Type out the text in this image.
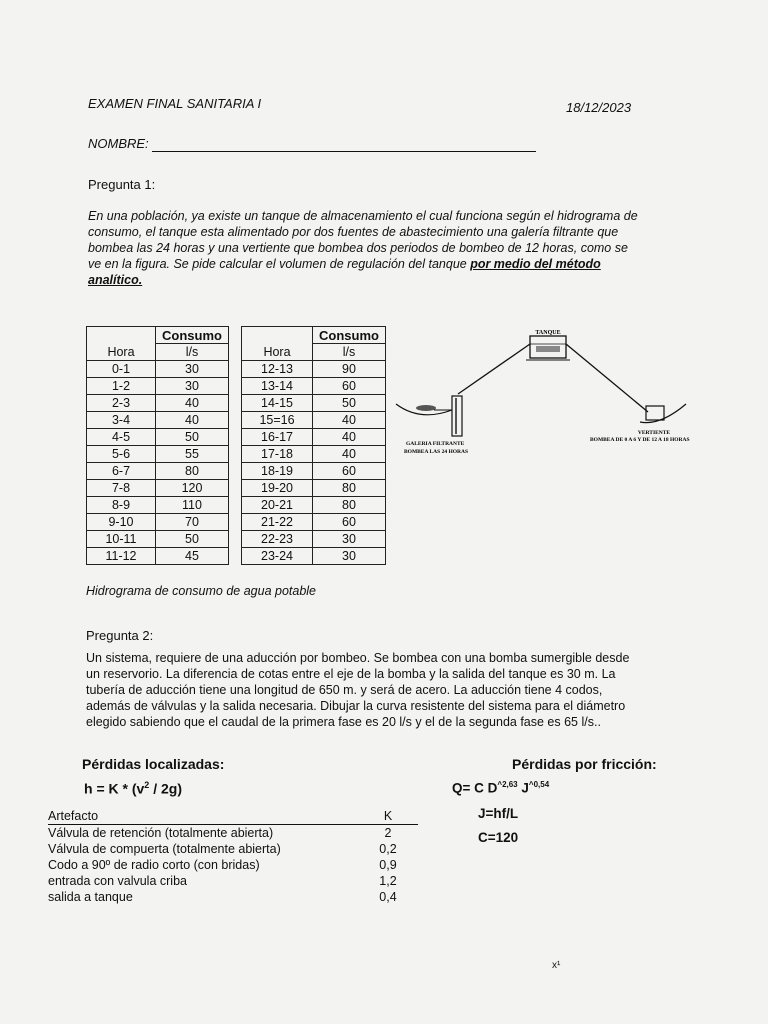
EXAMEN FINAL SANITARIA I	18/12/2023
NOMBRE:
Pregunta 1:
En una población, ya existe un tanque de almacenamiento el cual funciona según el hidrograma de
consumo, el tanque esta alimentado por dos fuentes de abastecimiento una galería filtrante que
bombea las 24 horas y una vertiente que bombea dos periodos de bombeo de 12 horas, como se
ve en la figura. Se pide calcular el volumen de regulación del tanque por medio del método
analítico.
	Consumo			Consumo
Hora	l/s		Hora	l/s
0-1	30		12-13	90
1-2	30		13-14	60
2-3	40		14-15	50
3-4	40		15=16	40
4-5	50		16-17	40
5-6	55		17-18	40
6-7	80		18-19	60
7-8	120		19-20	80
8-9	110		20-21	80
9-10	70		21-22	60
10-11	50		22-23	30
11-12	45		23-24	30
Hidrograma de consumo de agua potable
TANQUE
GALERIA FILTRANTE
BOMBEA LAS 24 HORAS
VERTIENTE
BOMBEA DE 0 A 6 Y DE 12 A 18 HORAS
Pregunta 2:
Un sistema, requiere de una aducción por bombeo. Se bombea con una bomba sumergible desde
un reservorio. La diferencia de cotas entre el eje de la bomba y la salida del tanque es 30 m. La
tubería de aducción tiene una longitud de 650 m. y será de acero. La aducción tiene 4 codos,
además de válvulas y la salida necesaria. Dibujar la curva resistente del sistema para el diámetro
elegido sabiendo que el caudal de la primera fase es 20 l/s y el de la segunda fase es 65 l/s..
Pérdidas localizadas:
$h = K * (v^2 / 2g)$
Pérdidas por fricción:
Q= C $D^{\^{}2,63}$ $J^{\^{}0,54}$
J=hf/L
C=120
Artefacto	K
Válvula de retención (totalmente abierta)	2
Válvula de compuerta (totalmente abierta)	0,2
Codo a 90º de radio corto (con bridas)	0,9
entrada con valvula criba	1,2
salida a tanque	0,4
x¹
